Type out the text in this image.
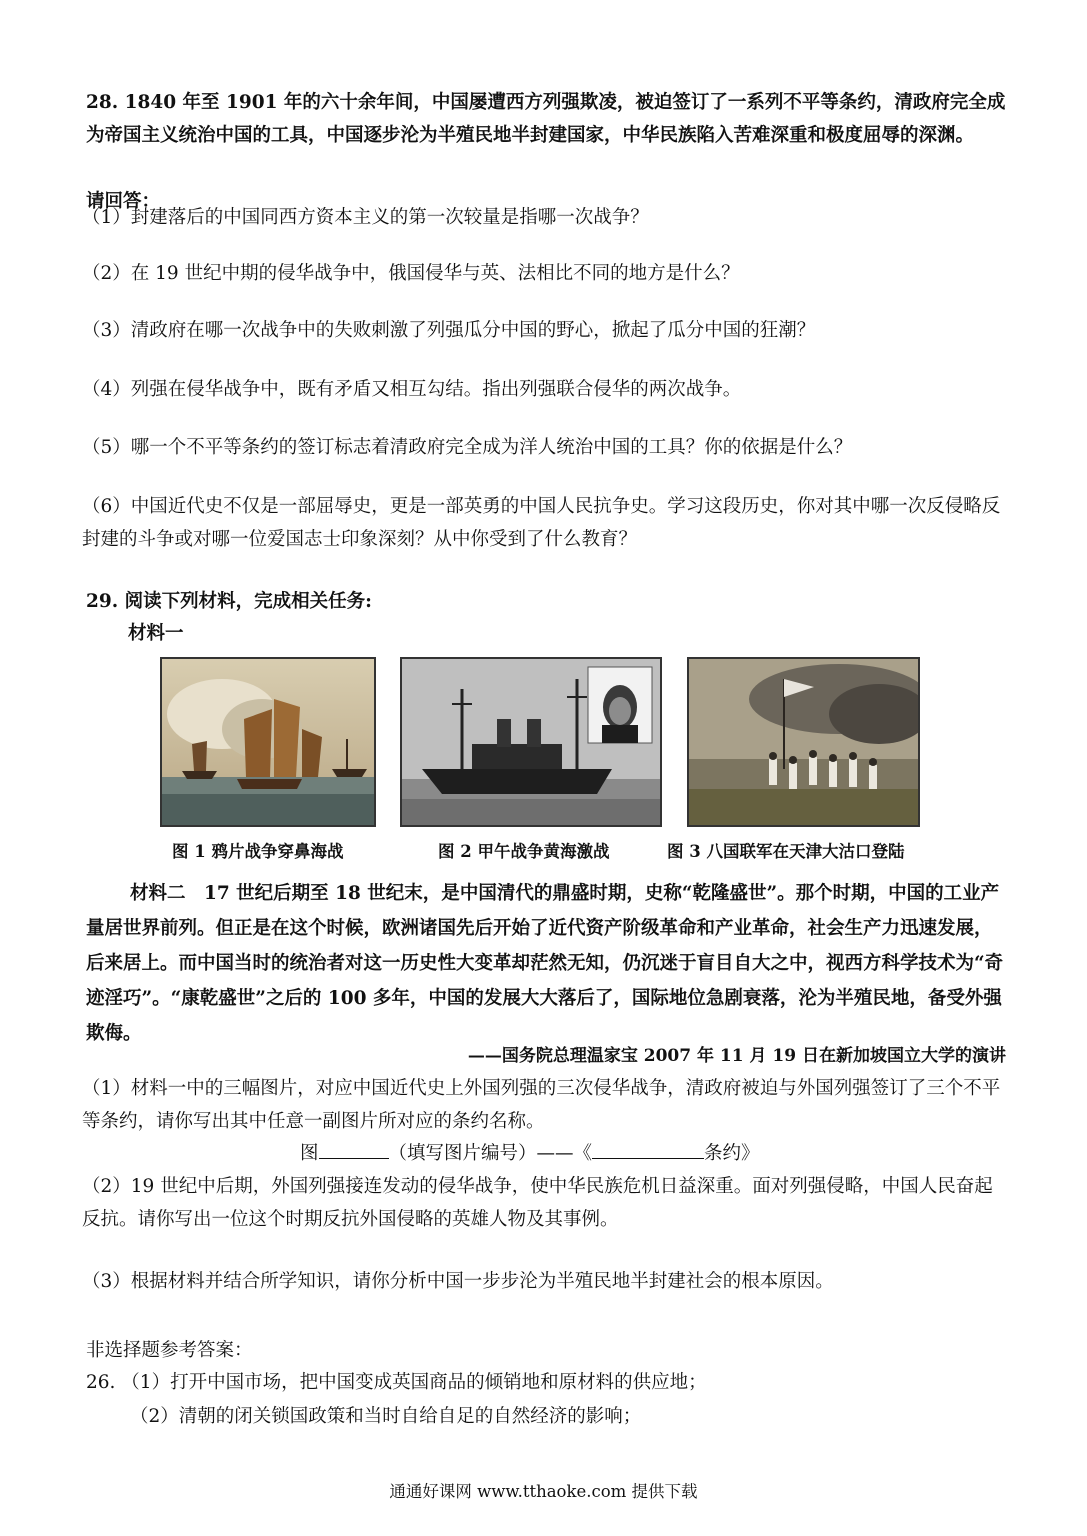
28. 1840 年至 1901 年的六十余年间，中国屡遭西方列强欺凌，被迫签订了一系列不平等条约，清政府完全成为帝国主义统治中国的工具，中国逐步沦为半殖民地半封建国家，中华民族陷入苦难深重和极度屈辱的深渊。
请回答：
（1）封建落后的中国同西方资本主义的第一次较量是指哪一次战争？
（2）在 19 世纪中期的侵华战争中，俄国侵华与英、法相比不同的地方是什么？
（3）清政府在哪一次战争中的失败刺激了列强瓜分中国的野心，掀起了瓜分中国的狂潮？
（4）列强在侵华战争中，既有矛盾又相互勾结。指出列强联合侵华的两次战争。
（5）哪一个不平等条约的签订标志着清政府完全成为洋人统治中国的工具？你的依据是什么？
（6）中国近代史不仅是一部屈辱史，更是一部英勇的中国人民抗争史。学习这段历史，你对其中哪一次反侵略反封建的斗争或对哪一位爱国志士印象深刻？从中你受到了什么教育？
29. 阅读下列材料，完成相关任务:
材料一
图 1 鸦片战争穿鼻海战	图 2 甲午战争黄海激战	图 3 八国联军在天津大沽口登陆
材料二　17 世纪后期至 18 世纪末，是中国清代的鼎盛时期，史称“乾隆盛世”。那个时期，中国的工业产量居世界前列。但正是在这个时候，欧洲诸国先后开始了近代资产阶级革命和产业革命，社会生产力迅速发展，后来居上。而中国当时的统治者对这一历史性大变革却茫然无知，仍沉迷于盲目自大之中，视西方科学技术为“奇迹淫巧”。“康乾盛世”之后的 100 多年，中国的发展大大落后了，国际地位急剧衰落，沦为半殖民地，备受外强欺侮。
——国务院总理温家宝 2007 年 11 月 19 日在新加坡国立大学的演讲
（1）材料一中的三幅图片，对应中国近代史上外国列强的三次侵华战争，清政府被迫与外国列强签订了三个不平等条约，请你写出其中任意一副图片所对应的条约名称。
图	（填写图片编号）——《	条约》
（2）19 世纪中后期，外国列强接连发动的侵华战争，使中华民族危机日益深重。面对列强侵略，中国人民奋起反抗。请你写出一位这个时期反抗外国侵略的英雄人物及其事例。
（3）根据材料并结合所学知识，请你分析中国一步步沦为半殖民地半封建社会的根本原因。
非选择题参考答案：
26. （1）打开中国市场，把中国变成英国商品的倾销地和原材料的供应地；
（2）清朝的闭关锁国政策和当时自给自足的自然经济的影响；
通通好课网 www.tthaoke.com 提供下载
